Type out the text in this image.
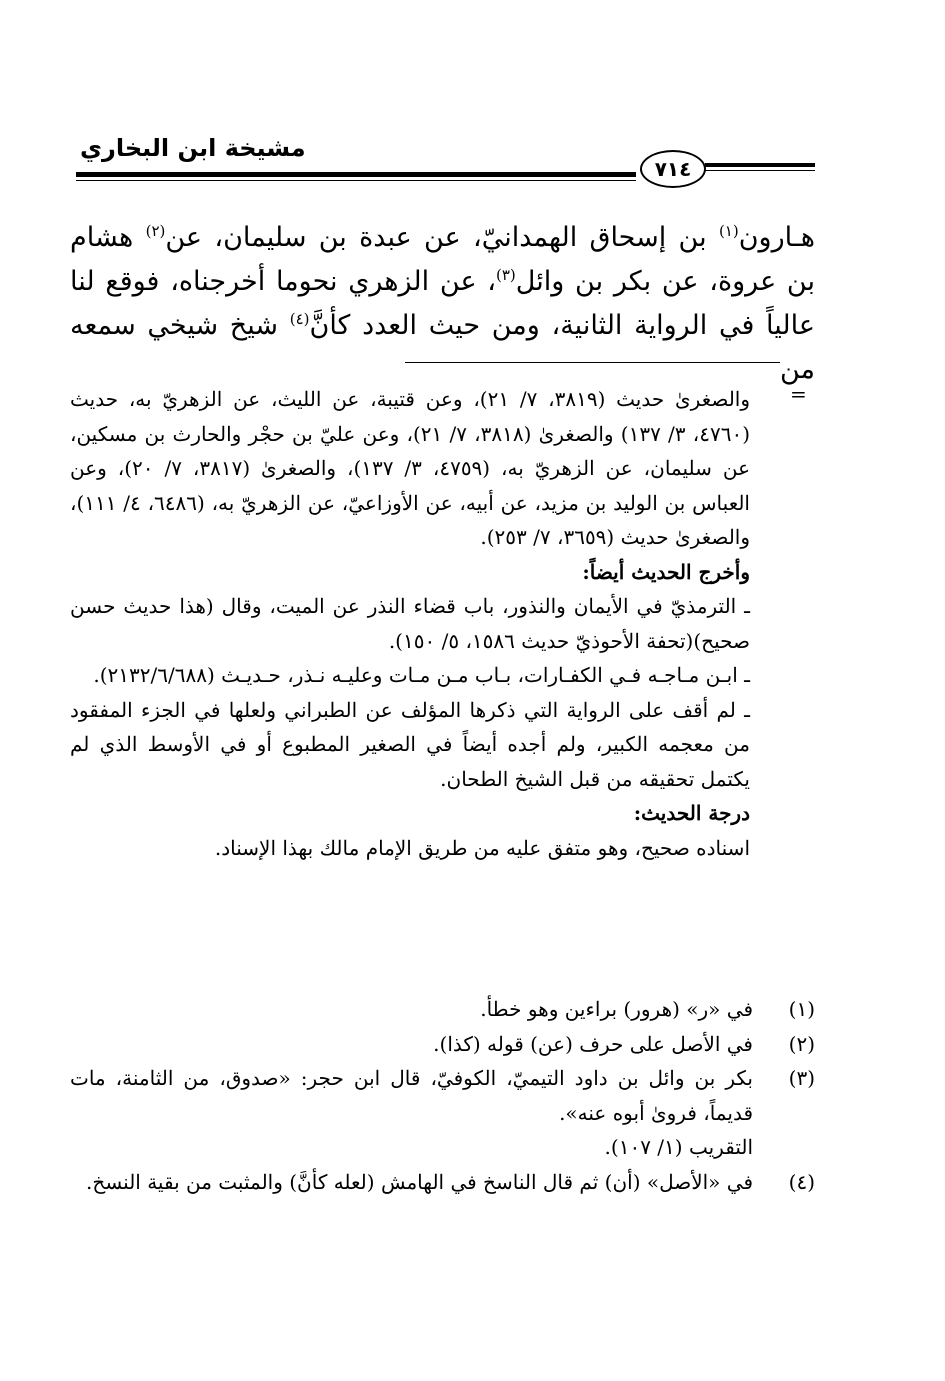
مشيخة ابن البخاري
٧١٤

هـارون$^{(١)}$ بن إسحاق الهمدانيّ، عن عبدة بن سليمان، عن$^{(٢)}$ هشام بن عروة، عن بكر بن وائل$^{(٣)}$، عن الزهري نحوما أخرجناه، فوقع لنا عالياً في الرواية الثانية، ومن حيث العدد كأنَّ$^{(٤)}$ شيخ شيخي سمعه من

=

والصغرىٰ حديث (٣٨١٩، ٧/ ٢١)، وعن قتيبة، عن الليث، عن الزهريّ به، حديث (٤٧٦٠، ٣/ ١٣٧) والصغرىٰ (٣٨١٨، ٧/ ٢١)، وعن عليّ بن حجْر والحارث بن مسكين، عن سليمان، عن الزهريّ به، (٤٧٥٩، ٣/ ١٣٧)، والصغرىٰ (٣٨١٧، ٧/ ٢٠)، وعن العباس بن الوليد بن مزيد، عن أبيه، عن الأوزاعيّ، عن الزهريّ به، (٦٤٨٦، ٤/ ١١١)، والصغرىٰ حديث (٣٦٥٩، ٧/ ٢٥٣).

وأخرج الحديث أيضاً:

ـ الترمذيّ في الأيمان والنذور، باب قضاء النذر عن الميت، وقال (هذا حديث حسن صحيح)(تحفة الأحوذيّ حديث ١٥٨٦، ٥/ ١٥٠).

ـ ابـن مـاجـه فـي الكفـارات، بـاب مـن مـات وعليـه نـذر، حـديـث (٢١٣٢/٦/٦٨٨).

ـ لم أقف على الرواية التي ذكرها المؤلف عن الطبراني ولعلها في الجزء المفقود من معجمه الكبير، ولم أجده أيضاً في الصغير المطبوع أو في الأوسط الذي لم يكتمل تحقيقه من قبل الشيخ الطحان.

درجة الحديث:

اسناده صحيح، وهو متفق عليه من طريق الإمام مالك بهذا الإسناد.

(١)

في «ر» (هرور) براءين وهو خطأ.

(٢)

في الأصل على حرف (عن) قوله (كذا).

(٣)

بكر بن وائل بن داود التيميّ، الكوفيّ، قال ابن حجر: «صدوق، من الثامنة، مات قديماً، فروىٰ أبوه عنه».

التقريب (١/ ١٠٧).

(٤)

في «الأصل» (أن) ثم قال الناسخ في الهامش (لعله كأنَّ) والمثبت من بقية النسخ.
